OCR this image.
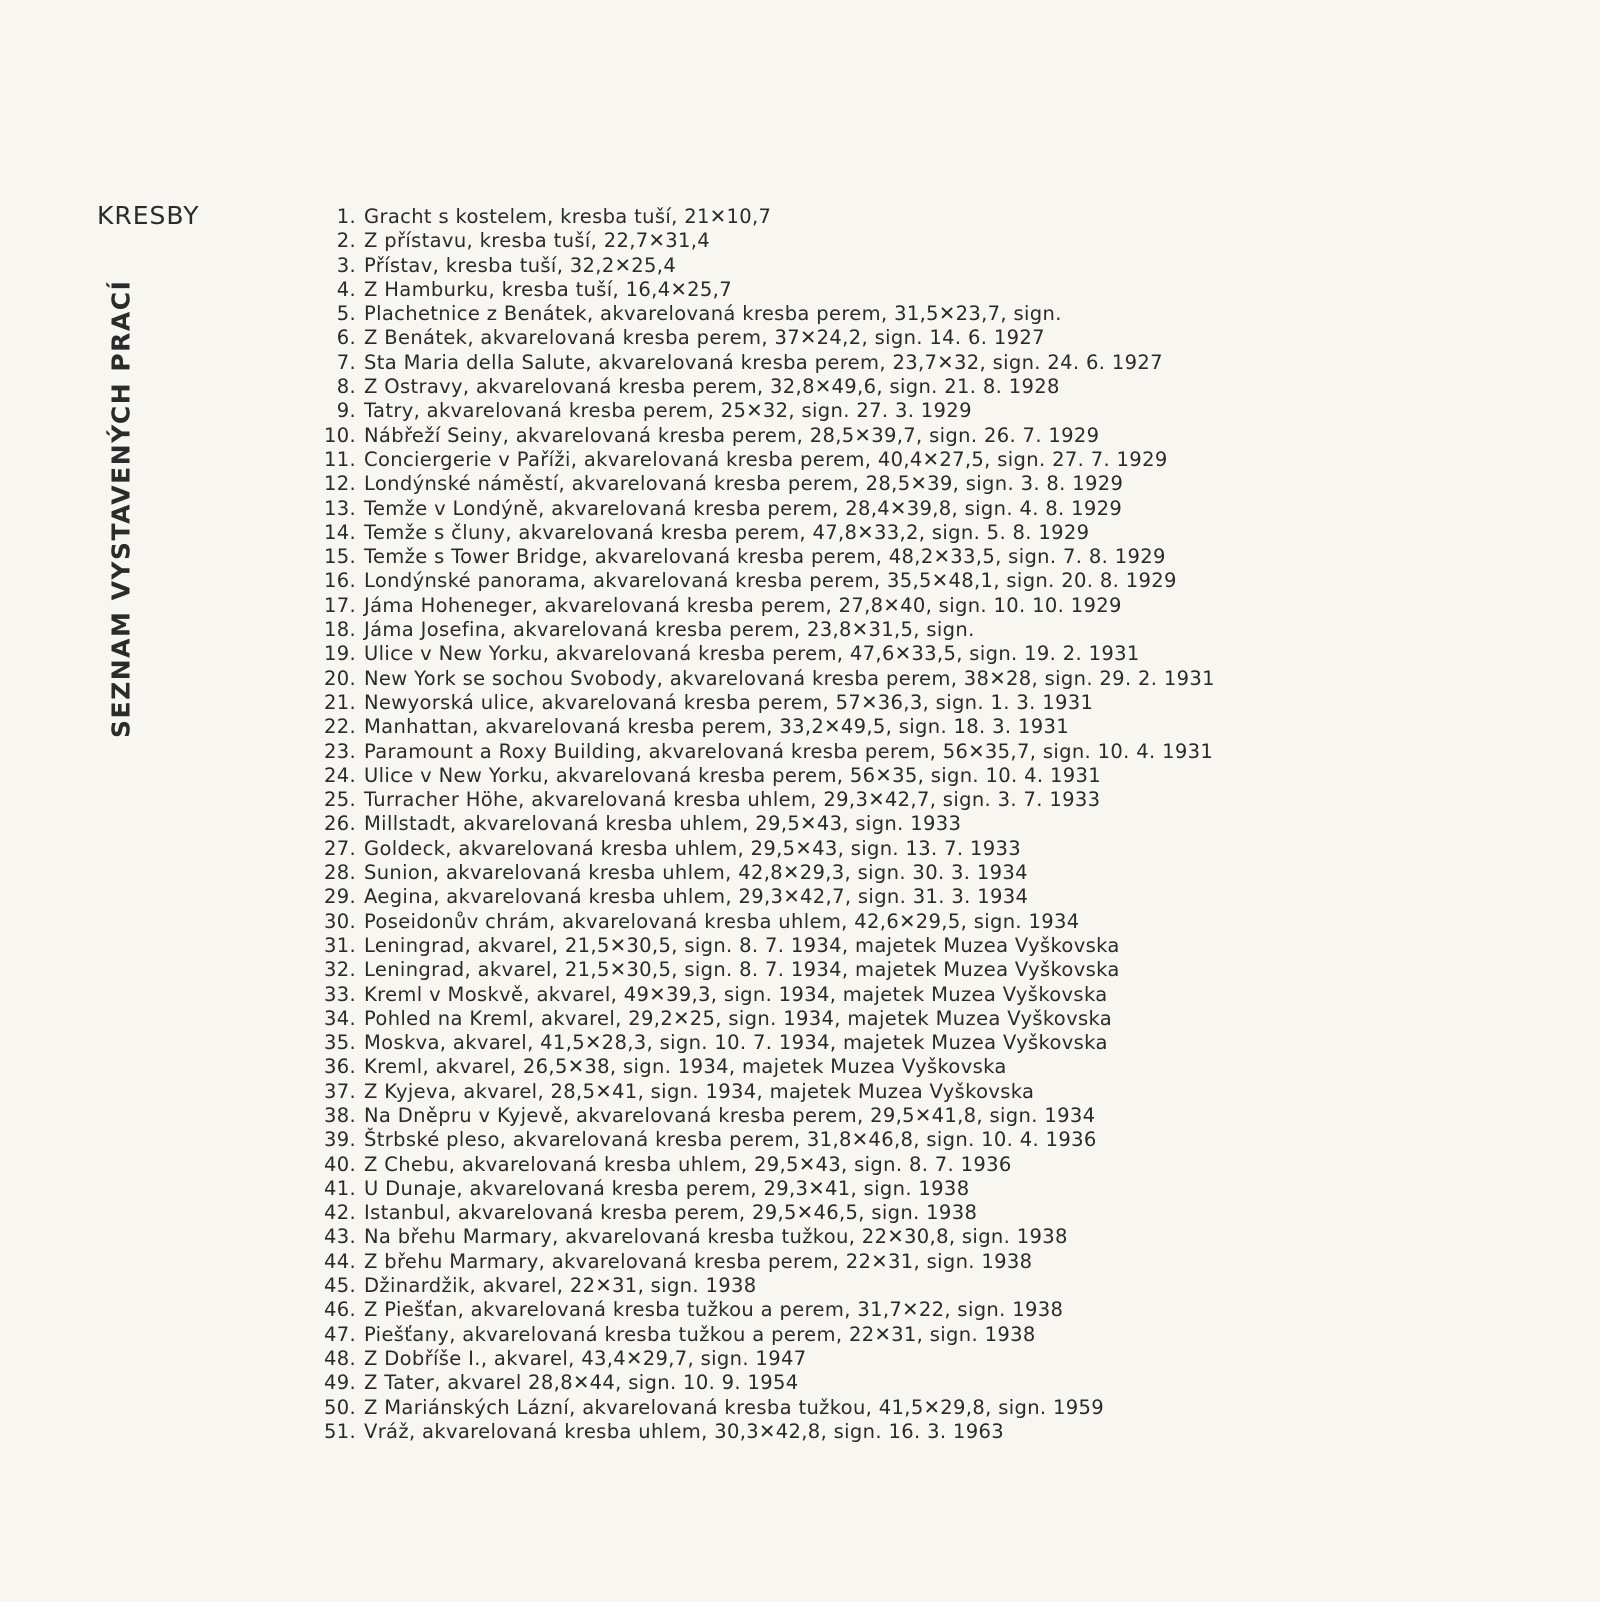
KRESBY
SEZNAM VYSTAVENÝCH PRACÍ
1. Gracht s kostelem, kresba tuší, 21✕10,7
2. Z přístavu, kresba tuší, 22,7✕31,4
3. Přístav, kresba tuší, 32,2✕25,4
4. Z Hamburku, kresba tuší, 16,4✕25,7
5. Plachetnice z Benátek, akvarelovaná kresba perem, 31,5✕23,7, sign.
6. Z Benátek, akvarelovaná kresba perem, 37✕24,2, sign. 14. 6. 1927
7. Sta Maria della Salute, akvarelovaná kresba perem, 23,7✕32, sign. 24. 6. 1927
8. Z Ostravy, akvarelovaná kresba perem, 32,8✕49,6, sign. 21. 8. 1928
9. Tatry, akvarelovaná kresba perem, 25✕32, sign. 27. 3. 1929
10. Nábřeží Seiny, akvarelovaná kresba perem, 28,5✕39,7, sign. 26. 7. 1929
11. Conciergerie v Paříži, akvarelovaná kresba perem, 40,4✕27,5, sign. 27. 7. 1929
12. Londýnské náměstí, akvarelovaná kresba perem, 28,5✕39, sign. 3. 8. 1929
13. Temže v Londýně, akvarelovaná kresba perem, 28,4✕39,8, sign. 4. 8. 1929
14. Temže s čluny, akvarelovaná kresba perem, 47,8✕33,2, sign. 5. 8. 1929
15. Temže s Tower Bridge, akvarelovaná kresba perem, 48,2✕33,5, sign. 7. 8. 1929
16. Londýnské panorama, akvarelovaná kresba perem, 35,5✕48,1, sign. 20. 8. 1929
17. Jáma Hoheneger, akvarelovaná kresba perem, 27,8✕40, sign. 10. 10. 1929
18. Jáma Josefina, akvarelovaná kresba perem, 23,8✕31,5, sign.
19. Ulice v New Yorku, akvarelovaná kresba perem, 47,6✕33,5, sign. 19. 2. 1931
20. New York se sochou Svobody, akvarelovaná kresba perem, 38✕28, sign. 29. 2. 1931
21. Newyorská ulice, akvarelovaná kresba perem, 57✕36,3, sign. 1. 3. 1931
22. Manhattan, akvarelovaná kresba perem, 33,2✕49,5, sign. 18. 3. 1931
23. Paramount a Roxy Building, akvarelovaná kresba perem, 56✕35,7, sign. 10. 4. 1931
24. Ulice v New Yorku, akvarelovaná kresba perem, 56✕35, sign. 10. 4. 1931
25. Turracher Höhe, akvarelovaná kresba uhlem, 29,3✕42,7, sign. 3. 7. 1933
26. Millstadt, akvarelovaná kresba uhlem, 29,5✕43, sign. 1933
27. Goldeck, akvarelovaná kresba uhlem, 29,5✕43, sign. 13. 7. 1933
28. Sunion, akvarelovaná kresba uhlem, 42,8✕29,3, sign. 30. 3. 1934
29. Aegina, akvarelovaná kresba uhlem, 29,3✕42,7, sign. 31. 3. 1934
30. Poseidonův chrám, akvarelovaná kresba uhlem, 42,6✕29,5, sign. 1934
31. Leningrad, akvarel, 21,5✕30,5, sign. 8. 7. 1934, majetek Muzea Vyškovska
32. Leningrad, akvarel, 21,5✕30,5, sign. 8. 7. 1934, majetek Muzea Vyškovska
33. Kreml v Moskvě, akvarel, 49✕39,3, sign. 1934, majetek Muzea Vyškovska
34. Pohled na Kreml, akvarel, 29,2✕25, sign. 1934, majetek Muzea Vyškovska
35. Moskva, akvarel, 41,5✕28,3, sign. 10. 7. 1934, majetek Muzea Vyškovska
36. Kreml, akvarel, 26,5✕38, sign. 1934, majetek Muzea Vyškovska
37. Z Kyjeva, akvarel, 28,5✕41, sign. 1934, majetek Muzea Vyškovska
38. Na Dněpru v Kyjevě, akvarelovaná kresba perem, 29,5✕41,8, sign. 1934
39. Štrbské pleso, akvarelovaná kresba perem, 31,8✕46,8, sign. 10. 4. 1936
40. Z Chebu, akvarelovaná kresba uhlem, 29,5✕43, sign. 8. 7. 1936
41. U Dunaje, akvarelovaná kresba perem, 29,3✕41, sign. 1938
42. Istanbul, akvarelovaná kresba perem, 29,5✕46,5, sign. 1938
43. Na břehu Marmary, akvarelovaná kresba tužkou, 22✕30,8, sign. 1938
44. Z břehu Marmary, akvarelovaná kresba perem, 22✕31, sign. 1938
45. Džinardžik, akvarel, 22✕31, sign. 1938
46. Z Piešťan, akvarelovaná kresba tužkou a perem, 31,7✕22, sign. 1938
47. Piešťany, akvarelovaná kresba tužkou a perem, 22✕31, sign. 1938
48. Z Dobříše I., akvarel, 43,4✕29,7, sign. 1947
49. Z Tater, akvarel 28,8✕44, sign. 10. 9. 1954
50. Z Mariánských Lázní, akvarelovaná kresba tužkou, 41,5✕29,8, sign. 1959
51. Vráž, akvarelovaná kresba uhlem, 30,3✕42,8, sign. 16. 3. 1963
